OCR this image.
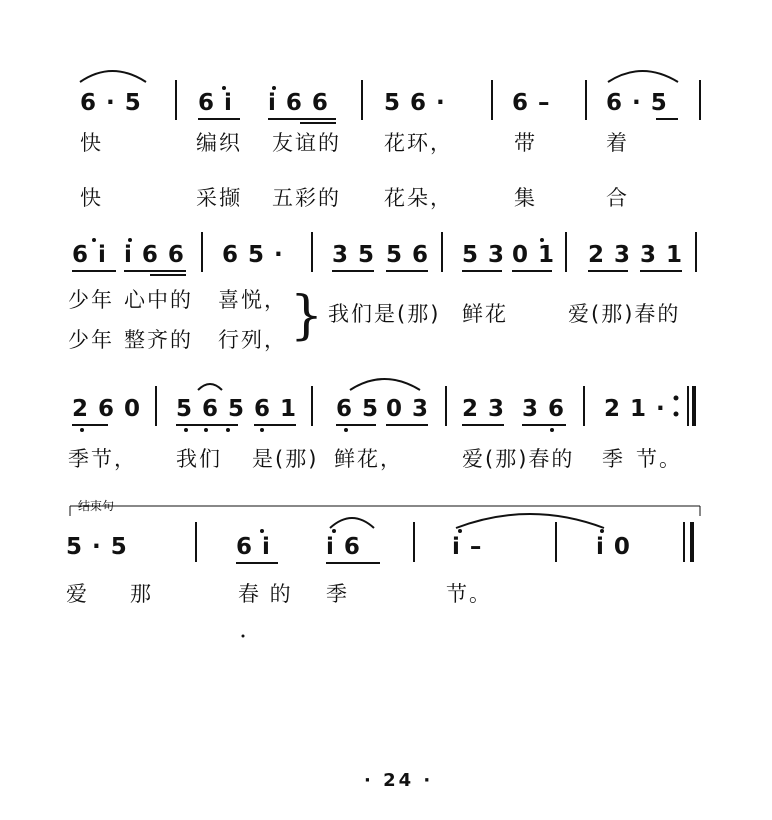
6 · 5 6 i i 6 6 5 6 ·	6 – 6 · 5
快	编织 友谊的 花环，	带	着
快	采撷 五彩的 花朵，	集	合
6 i i 6 6 6 5 · 3 5 5 6 5 3 0 1 2 3 3 1
少年 心中的 喜悦，
少年 整齐的 行列， } 我们是(那) 鲜花	爱(那)春的
2 6 0 5 6 5 6 1 6 5 0 3 2 3 3 6 2 1 ·
季节， 我们 是(那) 鲜花，	爱(那)春的 季 节。
结束句
5 · 5	6 i i 6	i –	i 0
爱 那	春 的 季	节。
· 24 ·
